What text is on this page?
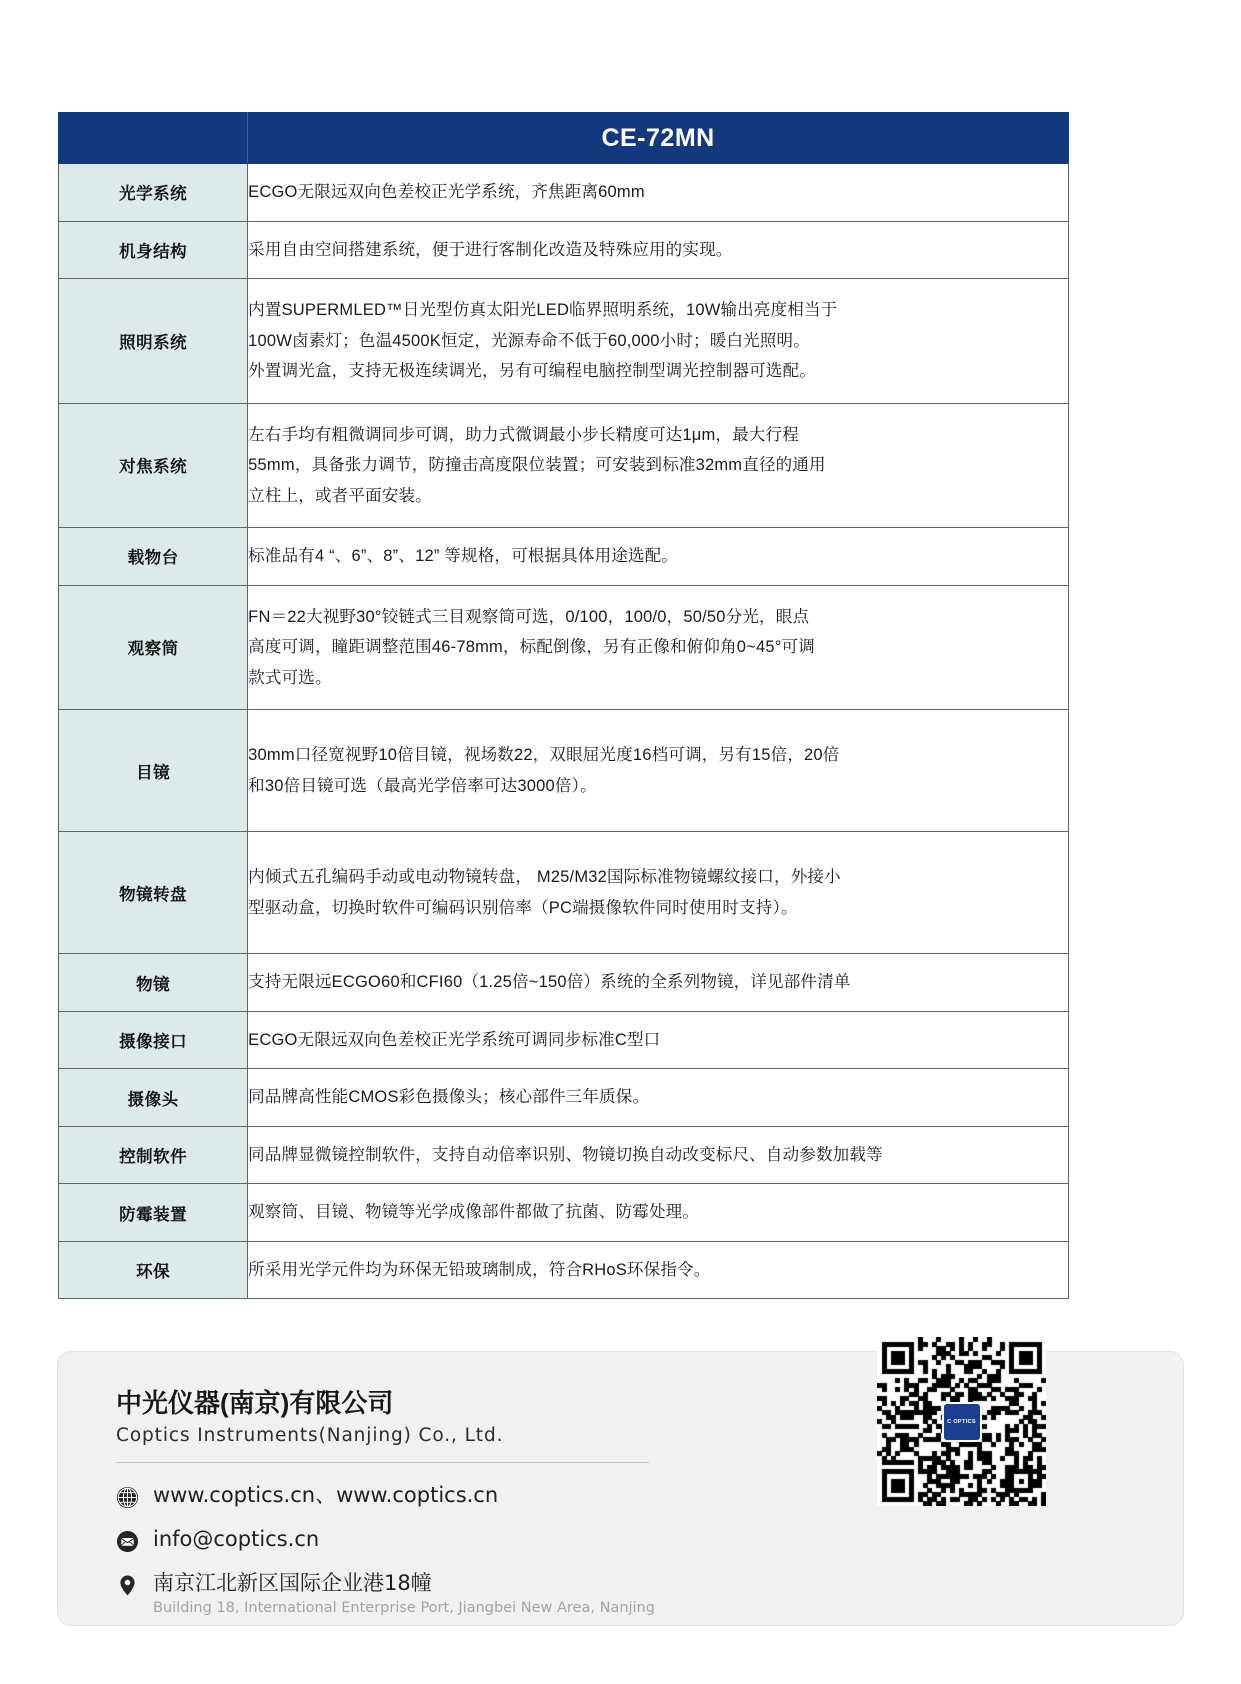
	CE-72MN
光学系统	ECGO无限远双向色差校正光学系统，齐焦距离60mm

机身结构	采用自由空间搭建系统，便于进行客制化改造及特殊应用的实现。

照明系统	内置SUPERMLED™日光型仿真太阳光LED临界照明系统，10W输出亮度相当于
100W卤素灯；色温4500K恒定，光源寿命不低于60,000小时；暖白光照明。
外置调光盒，支持无极连续调光，另有可编程电脑控制型调光控制器可选配。

对焦系统	左右手均有粗微调同步可调，助力式微调最小步长精度可达1μm，最大行程
55mm，具备张力调节，防撞击高度限位装置；可安装到标准32mm直径的通用
立柱上，或者平面安装。

载物台	标准品有4 “、6”、8”、12” 等规格，可根据具体用途选配。

观察筒	FN＝22大视野30°铰链式三目观察筒可选，0/100，100/0，50/50分光，眼点
高度可调，瞳距调整范围46-78mm，标配倒像，另有正像和俯仰角0~45°可调
款式可选。

目镜	30mm口径宽视野10倍目镜，视场数22，双眼屈光度16档可调，另有15倍，20倍
和30倍目镜可选（最高光学倍率可达3000倍）。

物镜转盘	内倾式五孔编码手动或电动物镜转盘， M25/M32国际标准物镜螺纹接口，外接小
型驱动盒，切换时软件可编码识别倍率（PC端摄像软件同时使用时支持）。

物镜	支持无限远ECGO60和CFI60（1.25倍~150倍）系统的全系列物镜，详见部件清单

摄像接口	ECGO无限远双向色差校正光学系统可调同步标准C型口

摄像头	同品牌高性能CMOS彩色摄像头；核心部件三年质保。

控制软件	同品牌显微镜控制软件，支持自动倍率识别、物镜切换自动改变标尺、自动参数加载等

防霉装置	观察筒、目镜、物镜等光学成像部件都做了抗菌、防霉处理。

环保	所采用光学元件均为环保无铅玻璃制成，符合RHoS环保指令。
中光仪器(南京)有限公司
Coptics Instruments(Nanjing) Co., Ltd.
www.coptics.cn、www.coptics.cn
info@coptics.cn
南京江北新区国际企业港18幢
Building 18, International Enterprise Port, Jiangbei New Area, Nanjing
C OPTICS
